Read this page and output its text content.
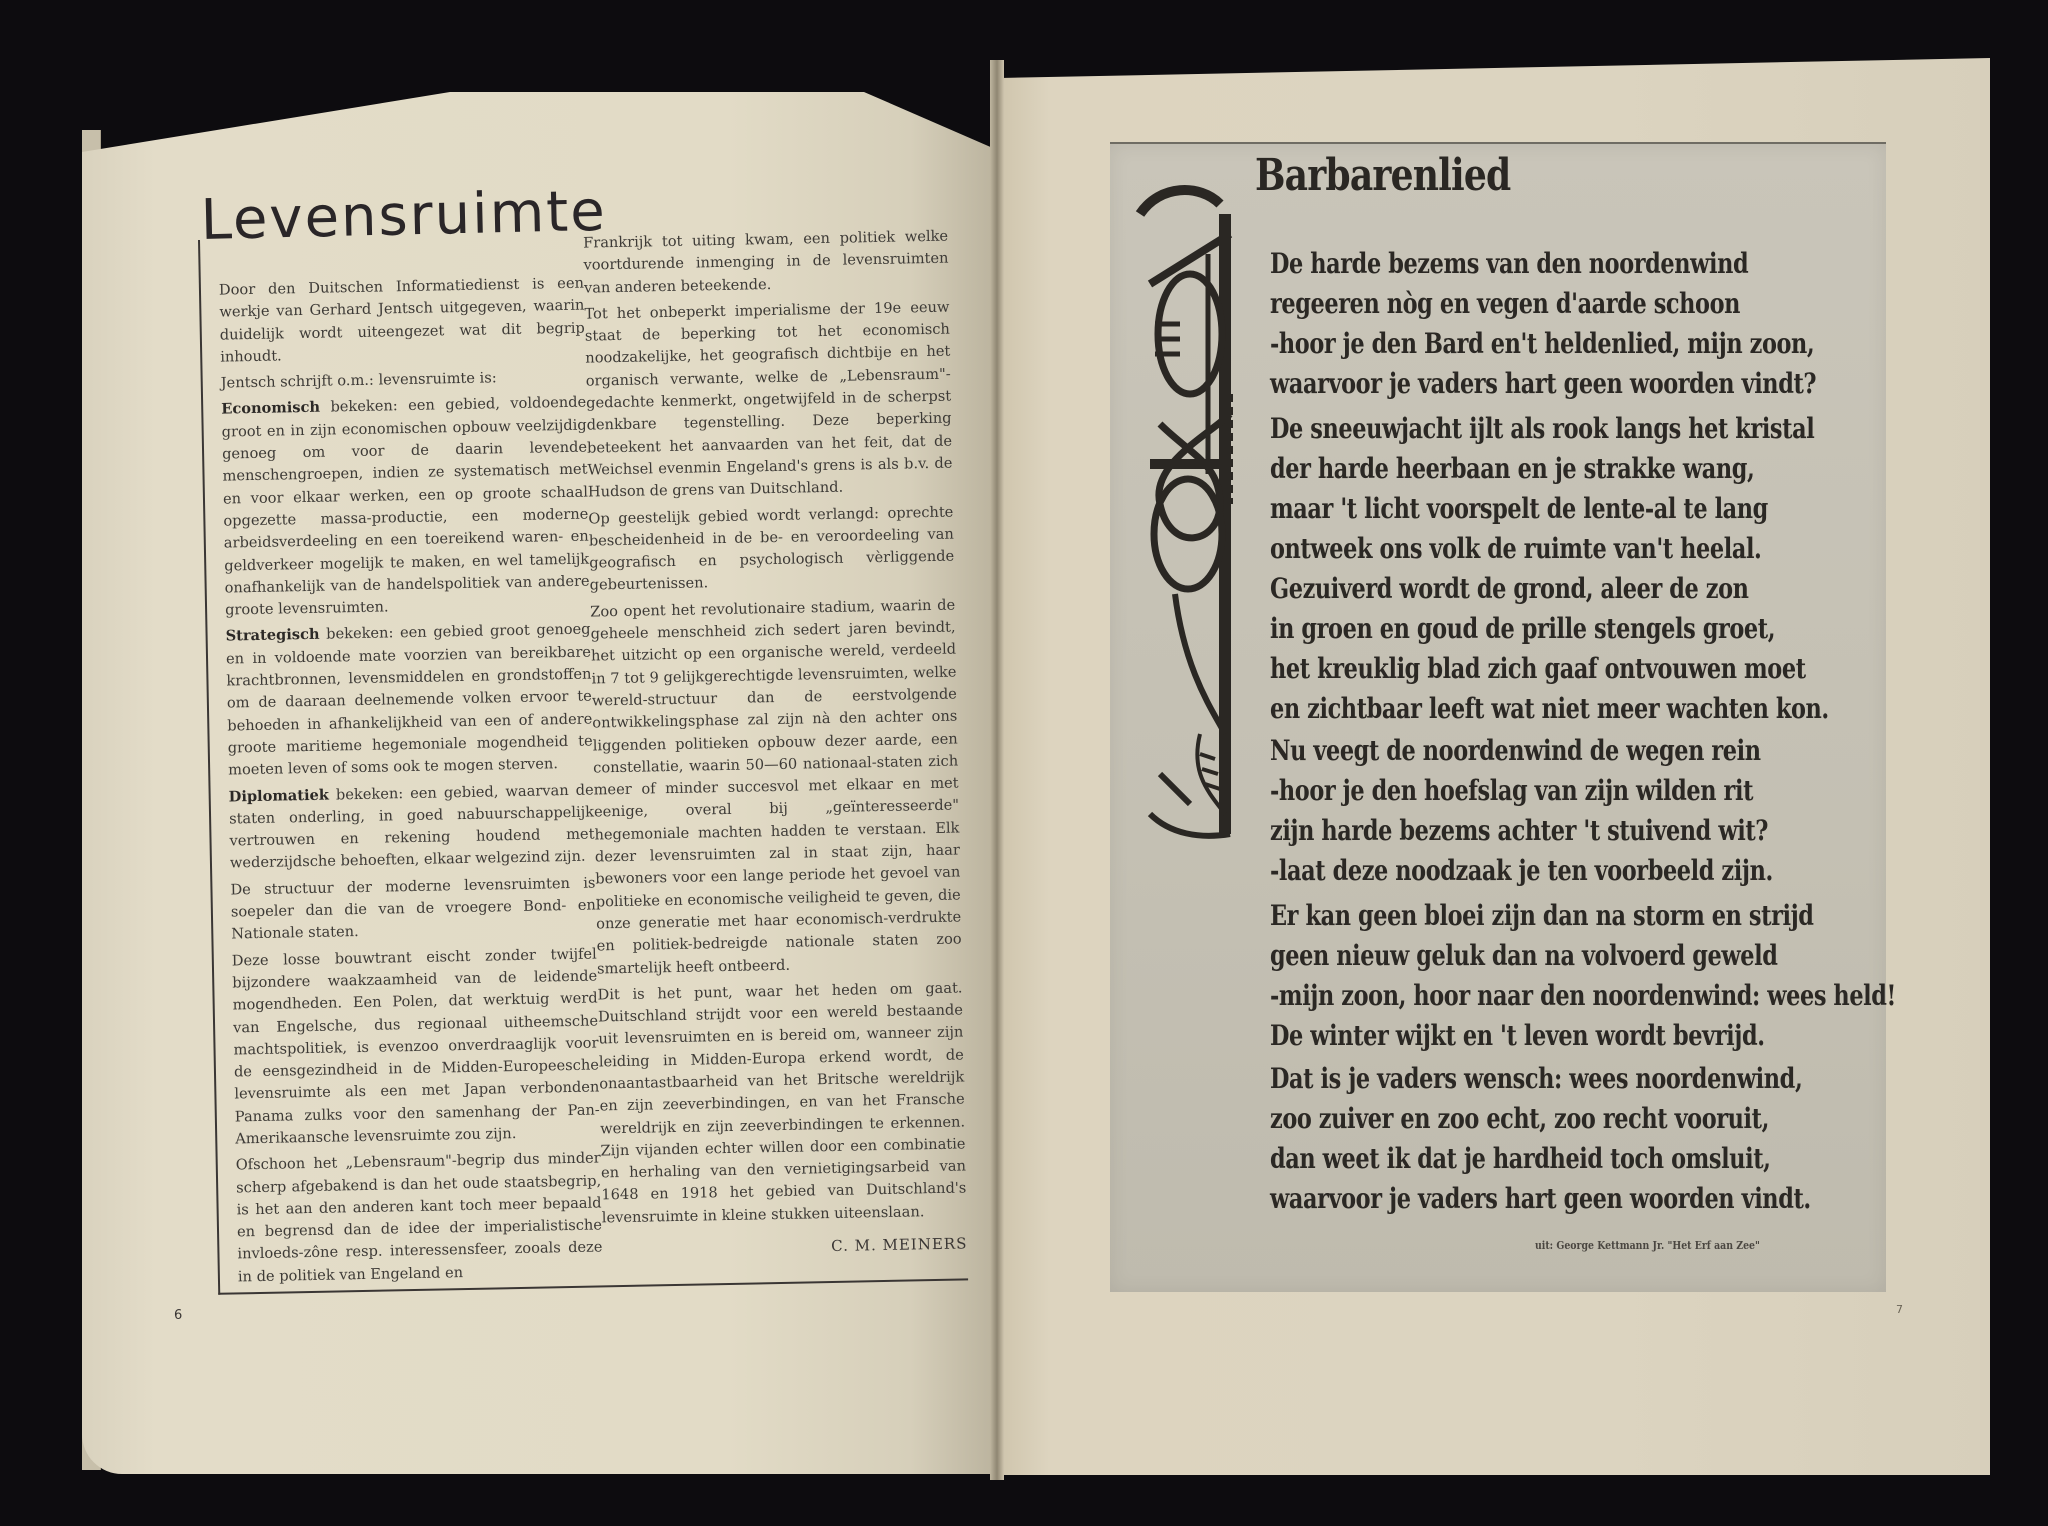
Levensruimte

Door den Duitschen Informatiedienst is een werkje van Gerhard Jentsch uitgegeven, waarin duidelijk wordt uiteengezet wat dit begrip inhoudt.

Jentsch schrijft o.m.: levensruimte is:

Economisch bekeken: een gebied, voldoende groot en in zijn economischen opbouw veelzijdig genoeg om voor de daarin levende menschengroepen, indien ze systematisch met en voor elkaar werken, een op groote schaal opgezette massa-productie, een moderne arbeidsverdeeling en een toereikend waren- en geldverkeer mogelijk te maken, en wel tamelijk onafhankelijk van de handelspolitiek van andere groote levensruimten.

Strategisch bekeken: een gebied groot genoeg en in voldoende mate voorzien van bereikbare krachtbronnen, levensmiddelen en grondstoffen om de daaraan deelnemende volken ervoor te behoeden in afhankelijkheid van een of andere groote maritieme hegemoniale mogendheid te moeten leven of soms ook te mogen sterven.

Diplomatiek bekeken: een gebied, waarvan de staten onderling, in goed nabuurschappelijk vertrouwen en rekening houdend met wederzijdsche behoeften, elkaar welgezind zijn.

De structuur der moderne levensruimten is soepeler dan die van de vroegere Bond- en Nationale staten.

Deze losse bouwtrant eischt zonder twijfel bijzondere waakzaamheid van de leidende mogendheden. Een Polen, dat werktuig werd van Engelsche, dus regionaal uitheemsche machtspolitiek, is evenzoo onverdraaglijk voor de eensgezindheid in de Midden-Europeesche levensruimte als een met Japan verbonden Panama zulks voor den samenhang der Pan-Amerikaansche levensruimte zou zijn.

Ofschoon het „Lebensraum"-begrip dus minder scherp afgebakend is dan het oude staatsbegrip, is het aan den anderen kant toch meer bepaald en begrensd dan de idee der imperialistische invloeds-zône resp. interessensfeer, zooals deze in de politiek van Engeland en

Frankrijk tot uiting kwam, een politiek welke voortdurende inmenging in de levensruimten van anderen beteekende.

Tot het onbeperkt imperialisme der 19e eeuw staat de beperking tot het economisch noodzakelijke, het geografisch dichtbije en het organisch verwante, welke de „Lebensraum"-gedachte kenmerkt, ongetwijfeld in de scherpst denkbare tegenstelling. Deze beperking beteekent het aanvaarden van het feit, dat de Weichsel evenmin Engeland's grens is als b.v. de Hudson de grens van Duitschland.

Op geestelijk gebied wordt verlangd: oprechte bescheidenheid in de be- en veroordeeling van geografisch en psychologisch vèrliggende gebeurtenissen.

Zoo opent het revolutionaire stadium, waarin de geheele menschheid zich sedert jaren bevindt, het uitzicht op een organische wereld, verdeeld in 7 tot 9 gelijkgerechtigde levensruimten, welke wereld-structuur dan de eerstvolgende ontwikkelingsphase zal zijn nà den achter ons liggenden politieken opbouw dezer aarde, een constellatie, waarin 50—60 nationaal-staten zich meer of minder succesvol met elkaar en met eenige, overal bij „geïnteresseerde" hegemoniale machten hadden te verstaan. Elk dezer levensruimten zal in staat zijn, haar bewoners voor een lange periode het gevoel van politieke en economische veiligheid te geven, die onze generatie met haar economisch-verdrukte en politiek-bedreigde nationale staten zoo smartelijk heeft ontbeerd.

Dit is het punt, waar het heden om gaat. Duitschland strijdt voor een wereld bestaande uit levensruimten en is bereid om, wanneer zijn leiding in Midden-Europa erkend wordt, de onaantastbaarheid van het Britsche wereldrijk en zijn zeeverbindingen, en van het Fransche wereldrijk en zijn zeeverbindingen te erkennen. Zijn vijanden echter willen door een combinatie en herhaling van den vernietigingsarbeid van 1648 en 1918 het gebied van Duitschland's levensruimte in kleine stukken uiteenslaan.

C. M. MEINERS
6	7
Barbarenlied
De harde bezems van den noordenwind
regeeren nòg en vegen d'aarde schoon
-hoor je den Bard en't heldenlied, mijn zoon,
waarvoor je vaders hart geen woorden vindt?
De sneeuwjacht ijlt als rook langs het kristal
der harde heerbaan en je strakke wang,
maar 't licht voorspelt de lente-al te lang
ontweek ons volk de ruimte van't heelal.
Gezuiverd wordt de grond, aleer de zon
in groen en goud de prille stengels groet,
het kreuklig blad zich gaaf ontvouwen moet
en zichtbaar leeft wat niet meer wachten kon.
Nu veegt de noordenwind de wegen rein
-hoor je den hoefslag van zijn wilden rit
zijn harde bezems achter 't stuivend wit?
-laat deze noodzaak je ten voorbeeld zijn.
Er kan geen bloei zijn dan na storm en strijd
geen nieuw geluk dan na volvoerd geweld
-mijn zoon, hoor naar den noordenwind: wees held!
De winter wijkt en 't leven wordt bevrijd.
Dat is je vaders wensch: wees noordenwind,
zoo zuiver en zoo echt, zoo recht vooruit,
dan weet ik dat je hardheid toch omsluit,
waarvoor je vaders hart geen woorden vindt.
uit: George Kettmann Jr. "Het Erf aan Zee"
